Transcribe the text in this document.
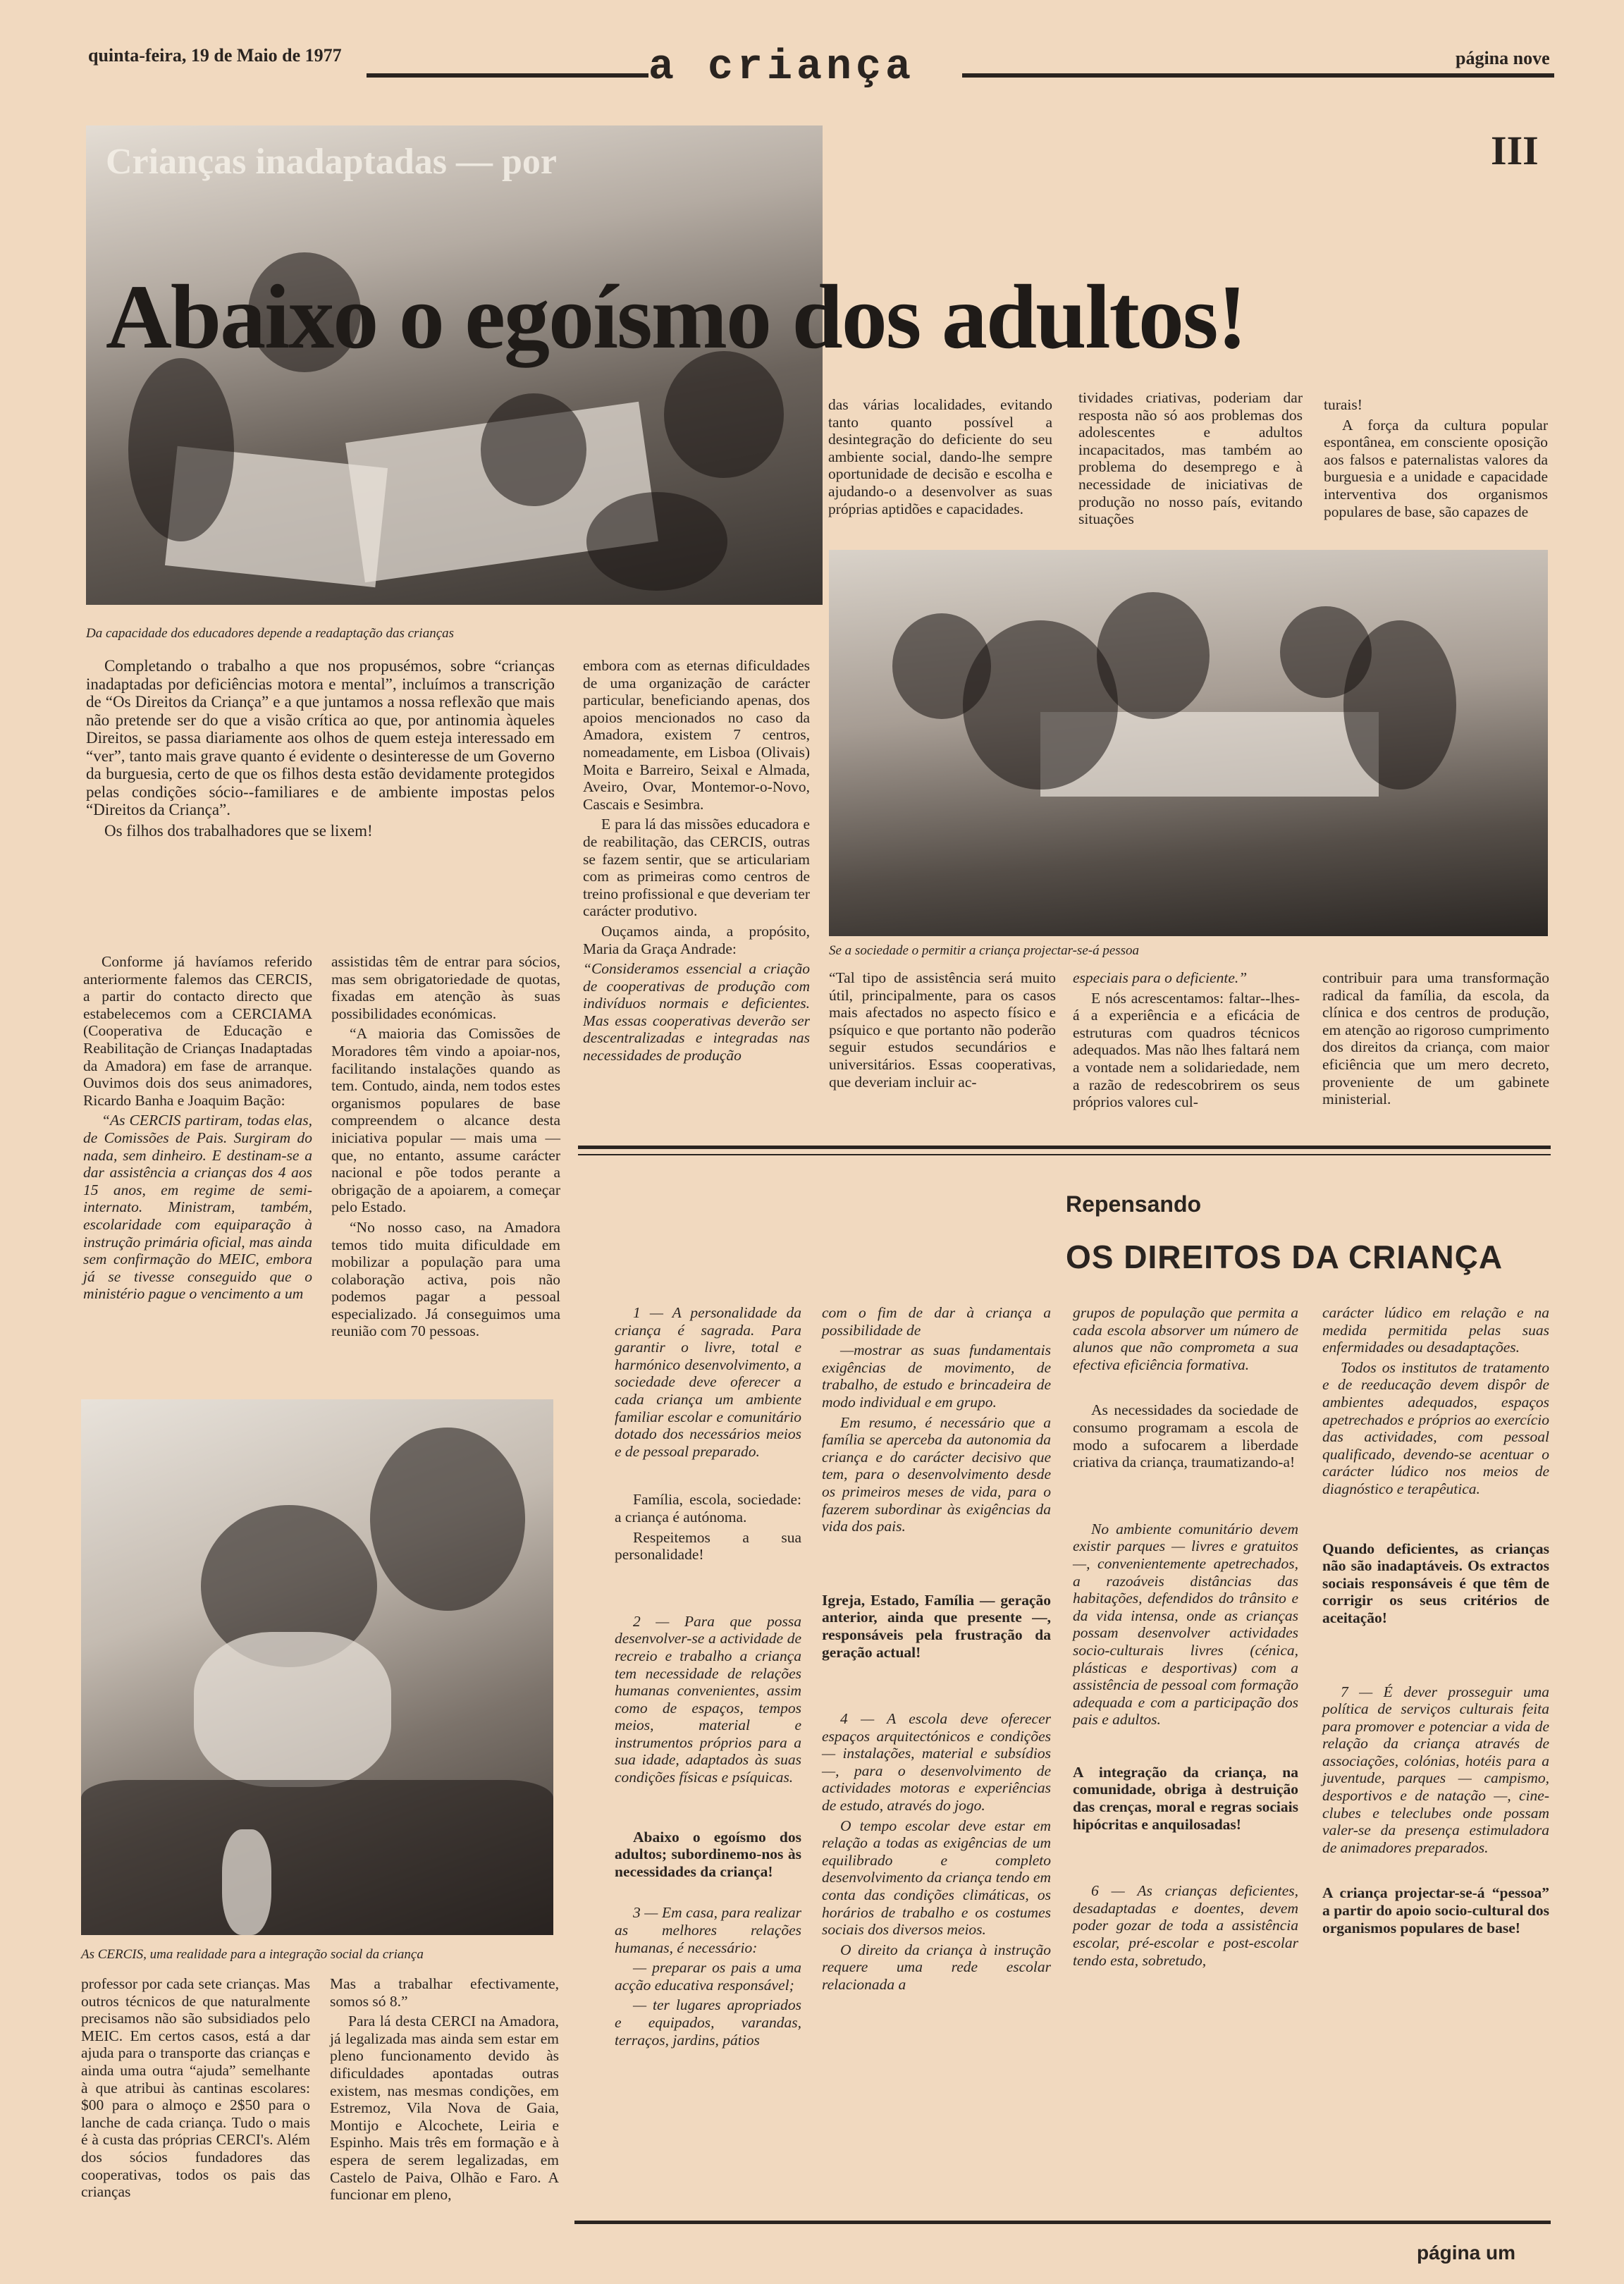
quinta-feira, 19 de Maio de 1977	a criança	página nove
III
Crianças inadaptadas — por
Abaixo o egoísmo dos adultos!
das várias localidades, evitando tanto quanto possível a desintegração do deficiente do seu ambiente social, dando-lhe sempre oportunidade de decisão e escolha e ajudando-o a desenvolver as suas próprias aptidões e capacidades.
tividades criativas, poderiam dar resposta não só aos problemas dos adolescentes e adultos incapacitados, mas também ao problema do desemprego e à necessidade de iniciativas de produção no nosso país, evitando situações

turais!

A força da cultura popular espontânea, em consciente oposição aos falsos e paternalistas valores da burguesia e a unidade e capacidade interventiva dos organismos populares de base, são capazes de

Da capacidade dos educadores depende a readaptação das crianças
Se a sociedade o permitir a criança projectar-se-á pessoa

Completando o trabalho a que nos propusémos, sobre “crianças inadaptadas por deficiências motora e mental”, incluímos a transcrição de “Os Direitos da Criança” e a que juntamos a nossa reflexão que mais não pretende ser do que a visão crítica ao que, por antinomia àqueles Direitos, se passa diariamente aos olhos de quem esteja interessado em “ver”, tanto mais grave quanto é evidente o desinteresse de um Governo da burguesia, certo de que os filhos desta estão devidamente protegidos pelas condições sócio--familiares e de ambiente impostas pelos “Direitos da Criança”.

Os filhos dos trabalhadores que se lixem!

embora com as eternas dificuldades de uma organização de carácter particular, beneficiando apenas, dos apoios mencionados no caso da Amadora, existem 7 centros, nomeadamente, em Lisboa (Olivais) Moita e Barreiro, Seixal e Almada, Aveiro, Ovar, Montemor-o-Novo, Cascais e Sesimbra.

E para lá das missões educadora e de reabilitação, das CERCIS, outras se fazem sentir, que se articulariam com as primeiras como centros de treino profissional e que deveriam ter carácter produtivo.

Ouçamos ainda, a propósito, Maria da Graça Andrade:

“Consideramos essencial a criação de cooperativas de produção com indivíduos normais e deficientes. Mas essas cooperativas deverão ser descentralizadas e integradas nas necessidades de produção

“Tal tipo de assistência será muito útil, principalmente, para os casos mais afectados no aspecto físico e psíquico e que portanto não poderão seguir estudos secundários e universitários. Essas cooperativas, que deveriam incluir ac-

especiais para o deficiente.”

E nós acrescentamos: faltar--lhes-á a experiência e a eficácia de estruturas com quadros técnicos adequados. Mas não lhes faltará nem a vontade nem a solidariedade, nem a razão de redescobrirem os seus próprios valores cul-

contribuir para uma transformação radical da família, da escola, da clínica e dos centros de produção, em atenção ao rigoroso cumprimento dos direitos da criança, com maior eficiência que um mero decreto, proveniente de um gabinete ministerial.

Conforme já havíamos referido anteriormente falemos das CERCIS, a partir do contacto directo que estabelecemos com a CERCIAMA (Cooperativa de Educação e Reabilitação de Crianças Inadaptadas da Amadora) em fase de arranque. Ouvimos dois dos seus animadores, Ricardo Banha e Joaquim Bação:

“As CERCIS partiram, todas elas, de Comissões de Pais. Surgiram do nada, sem dinheiro. E destinam-se a dar assistência a crianças dos 4 aos 15 anos, em regime de semi-internato. Ministram, também, escolaridade com equiparação à instrução primária oficial, mas ainda sem confirmação do MEIC, embora já se tivesse conseguido que o ministério pague o vencimento a um

assistidas têm de entrar para sócios, mas sem obrigatoriedade de quotas, fixadas em atenção às suas possibilidades económicas.

“A maioria das Comissões de Moradores têm vindo a apoiar-nos, facilitando instalações quando as tem. Contudo, ainda, nem todos estes organismos populares de base compreendem o alcance desta iniciativa popular — mais uma — que, no entanto, assume carácter nacional e põe todos perante a obrigação de a apoiarem, a começar pelo Estado.

“No nosso caso, na Amadora temos tido muita dificuldade em mobilizar a população para uma colaboração activa, pois não podemos pagar a pessoal especializado. Já conseguimos uma reunião com 70 pessoas.

As CERCIS, uma realidade para a integração social da criança
professor por cada sete crianças. Mas outros técnicos de que naturalmente precisamos não são subsidiados pelo MEIC. Em certos casos, está a dar ajuda para o transporte das crianças e ainda uma outra “ajuda” semelhante à que atribui às cantinas escolares: $00 para o almoço e 2$50 para o lanche de cada criança. Tudo o mais é à custa das próprias CERCI's. Além dos sócios fundadores das cooperativas, todos os pais das crianças

Mas a trabalhar efectivamente, somos só 8.”

Para lá desta CERCI na Amadora, já legalizada mas ainda sem estar em pleno funcionamento devido às dificuldades apontadas outras existem, nas mesmas condições, em Estremoz, Vila Nova de Gaia, Montijo e Alcochete, Leiria e Espinho. Mais três em formação e à espera de serem legalizadas, em Castelo de Paiva, Olhão e Faro. A funcionar em pleno,

Repensando
OS DIREITOS DA CRIANÇA

1 — A personalidade da criança é sagrada. Para garantir o livre, total e harmónico desenvolvimento, a sociedade deve oferecer a cada criança um ambiente familiar escolar e comunitário dotado dos necessários meios e de pessoal preparado.

Família, escola, sociedade: a criança é autónoma.

Respeitemos a sua personalidade!

2 — Para que possa desenvolver-se a actividade de recreio e trabalho a criança tem necessidade de relações humanas convenientes, assim como de espaços, tempos meios, material e instrumentos próprios para a sua idade, adaptados às suas condições físicas e psíquicas.

Abaixo o egoísmo dos adultos; subordinemo-nos às necessidades da criança!

3 — Em casa, para realizar as melhores relações humanas, é necessário:

— preparar os pais a uma acção educativa responsável;

— ter lugares apropriados e equipados, varandas, terraços, jardins, pátios

com o fim de dar à criança a possibilidade de

—mostrar as suas fundamentais exigências de movimento, de trabalho, de estudo e brincadeira de modo individual e em grupo.

Em resumo, é necessário que a família se aperceba da autonomia da criança e do carácter decisivo que tem, para o desenvolvimento desde os primeiros meses de vida, para o fazerem subordinar às exigências da vida dos pais.

Igreja, Estado, Família — geração anterior, ainda que presente —, responsáveis pela frustração da geração actual!

4 — A escola deve oferecer espaços arquitectónicos e condições — instalações, material e subsídios —, para o desenvolvimento de actividades motoras e experiências de estudo, através do jogo.

O tempo escolar deve estar em relação a todas as exigências de um equilibrado e completo desenvolvimento da criança tendo em conta das condições climáticas, os horários de trabalho e os costumes sociais dos diversos meios.

O direito da criança à instrução requere uma rede escolar relacionada a

grupos de população que permita a cada escola absorver um número de alunos que não comprometa a sua efectiva eficiência formativa.

As necessidades da sociedade de consumo programam a escola de modo a sufocarem a liberdade criativa da criança, traumatizando-a!

No ambiente comunitário devem existir parques — livres e gratuitos —, convenientemente apetrechados, a razoáveis distâncias das habitações, defendidos do trânsito e da vida intensa, onde as crianças possam desenvolver actividades socio-culturais livres (cénica, plásticas e desportivas) com a assistência de pessoal com formação adequada e com a participação dos pais e adultos.

A integração da criança, na comunidade, obriga à destruição das crenças, moral e regras sociais hipócritas e anquilosadas!

6 — As crianças deficientes, desadaptadas e doentes, devem poder gozar de toda a assistência escolar, pré-escolar e post-escolar tendo esta, sobretudo,

carácter lúdico em relação e na medida permitida pelas suas enfermidades ou desadaptações.

Todos os institutos de tratamento e de reeducação devem dispôr de ambientes adequados, espaços apetrechados e próprios ao exercício das actividades, com pessoal qualificado, devendo-se acentuar o carácter lúdico nos meios de diagnóstico e terapêutica.

Quando deficientes, as crianças não são inadaptáveis. Os extractos sociais responsáveis é que têm de corrigir os seus critérios de aceitação!

7 — É dever prosseguir uma política de serviços culturais feita para promover e potenciar a vida de relação da criança através de associações, colónias, hotéis para a juventude, parques — campismo, desportivos e de natação —, cine-clubes e teleclubes onde possam valer-se da presença estimuladora de animadores preparados.

A criança projectar-se-á “pessoa” a partir do apoio socio-cultural dos organismos populares de base!

página um
